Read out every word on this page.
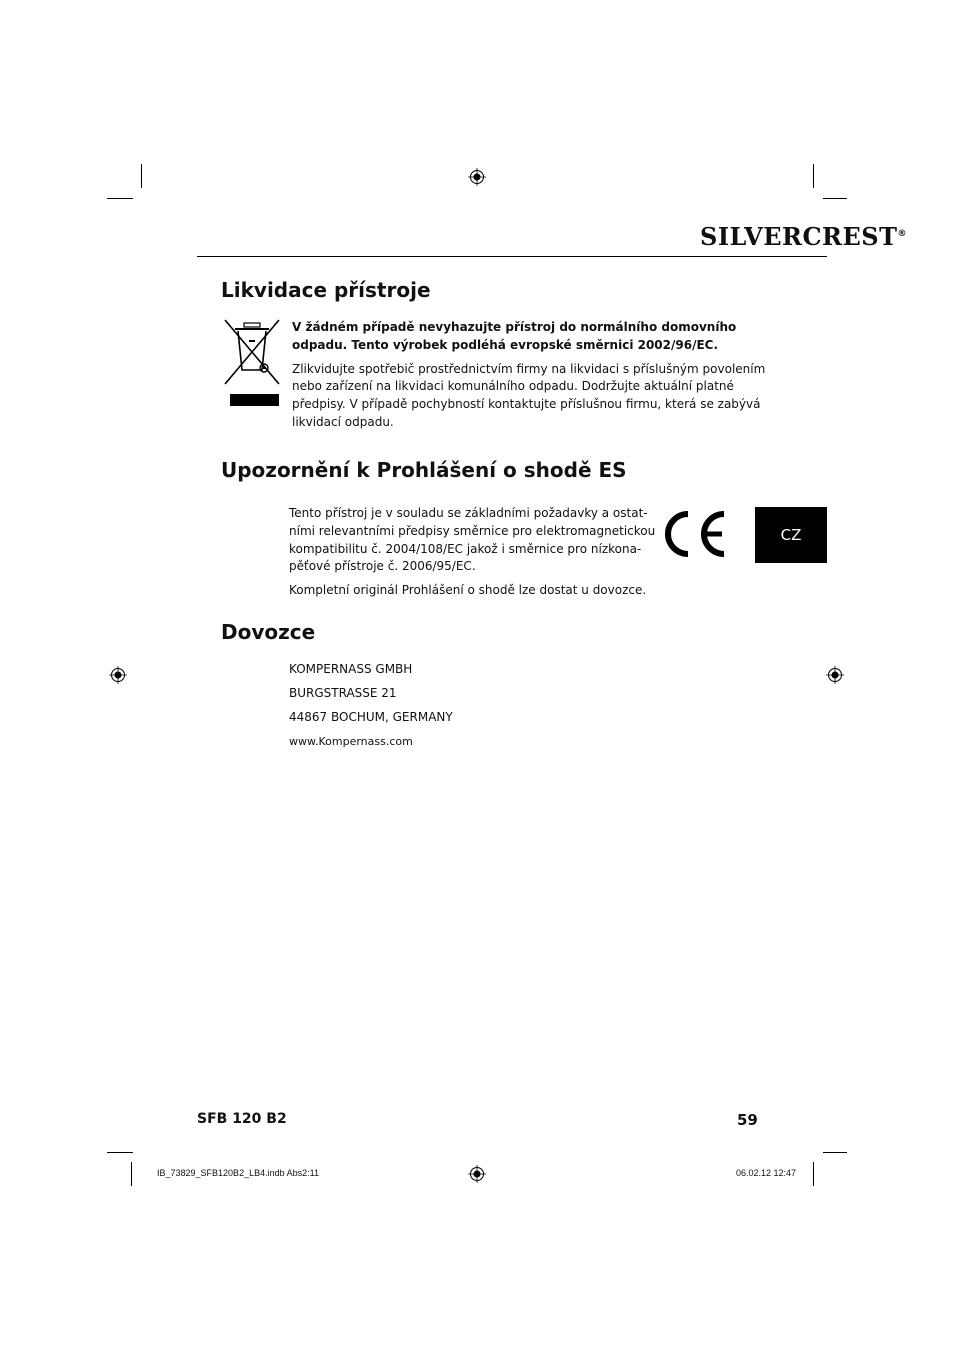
SILVERCREST®
Likvidace přístroje

V žádném případě nevyhazujte přístroj do normálního domovního

odpadu. Tento výrobek podléhá evropské směrnici 2002/96/EC.

Zlikvidujte spotřebič prostřednictvím firmy na likvidaci s příslušným povolením

nebo zařízení na likvidaci komunálního odpadu. Dodržujte aktuální platné

předpisy. V případě pochybností kontaktujte příslušnou firmu, která se zabývá

likvidací odpadu.

Upozornění k Prohlášení o shodě ES

Tento přístroj je v souladu se základními požadavky a ostat-

ními relevantními předpisy směrnice pro elektromagnetickou

kompatibilitu č. 2004/108/EC jakož i směrnice pro nízkona-

pěťové přístroje č. 2006/95/EC.

Kompletní originál Prohlášení o shodě lze dostat u dovozce.

CZ
Dovozce

KOMPERNASS GMBH

BURGSTRASSE 21

44867 BOCHUM, GERMANY

www.Kompernass.com

SFB 120 B2	59
IB_73829_SFB120B2_LB4.indb Abs2:11	06.02.12 12:47
